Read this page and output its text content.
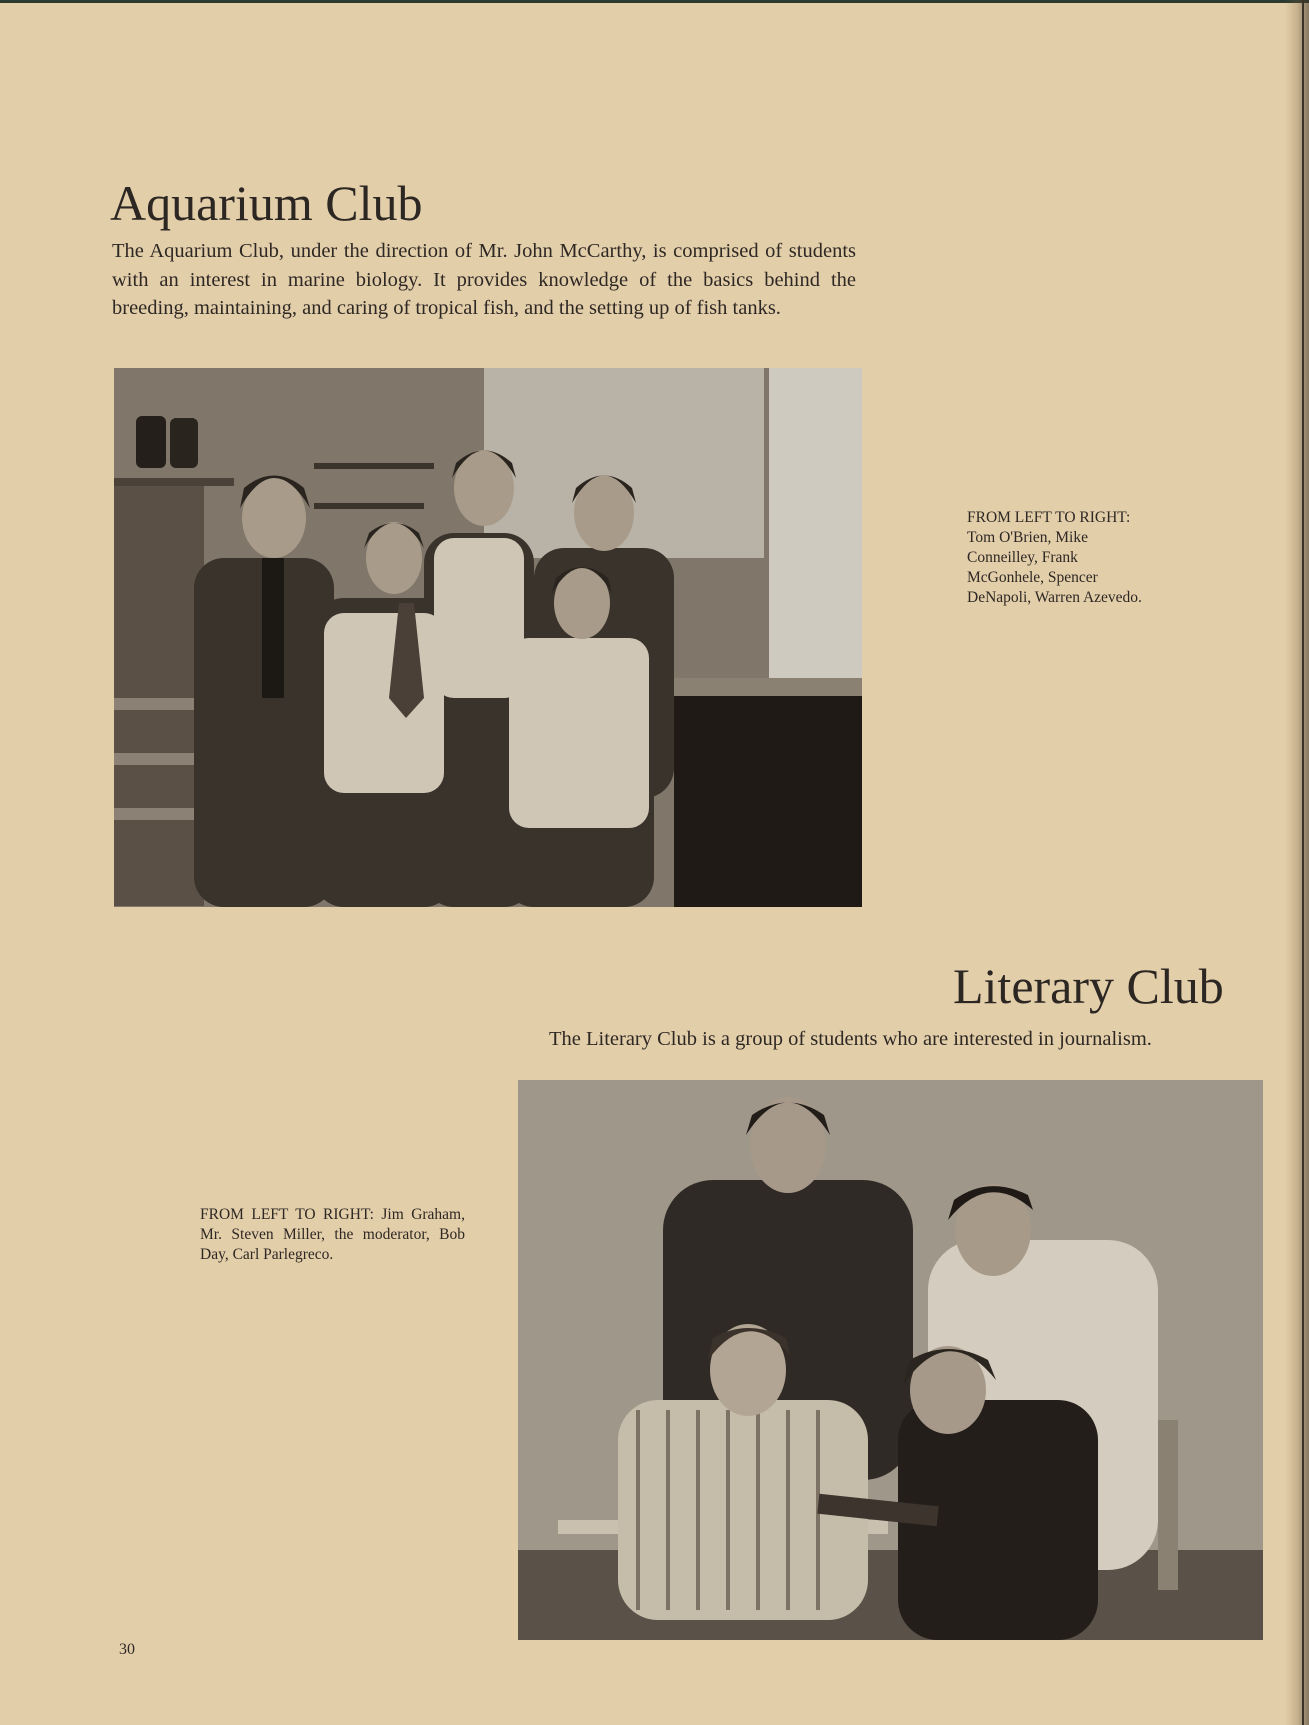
Aquarium Club

The Aquarium Club, under the direction of Mr. John McCarthy, is comprised of students with an interest in marine biology. It provides knowledge of the basics behind the breeding, maintaining, and caring of tropical fish, and the setting up of fish tanks.

FROM LEFT TO RIGHT: Tom O'Brien, Mike Conneilley, Frank McGonhele, Spencer DeNapoli, Warren Azevedo.

Literary Club

The Literary Club is a group of students who are interested in journalism.

FROM LEFT TO RIGHT: Jim Graham, Mr. Steven Miller, the moderator, Bob Day, Carl Parlegreco.

30
